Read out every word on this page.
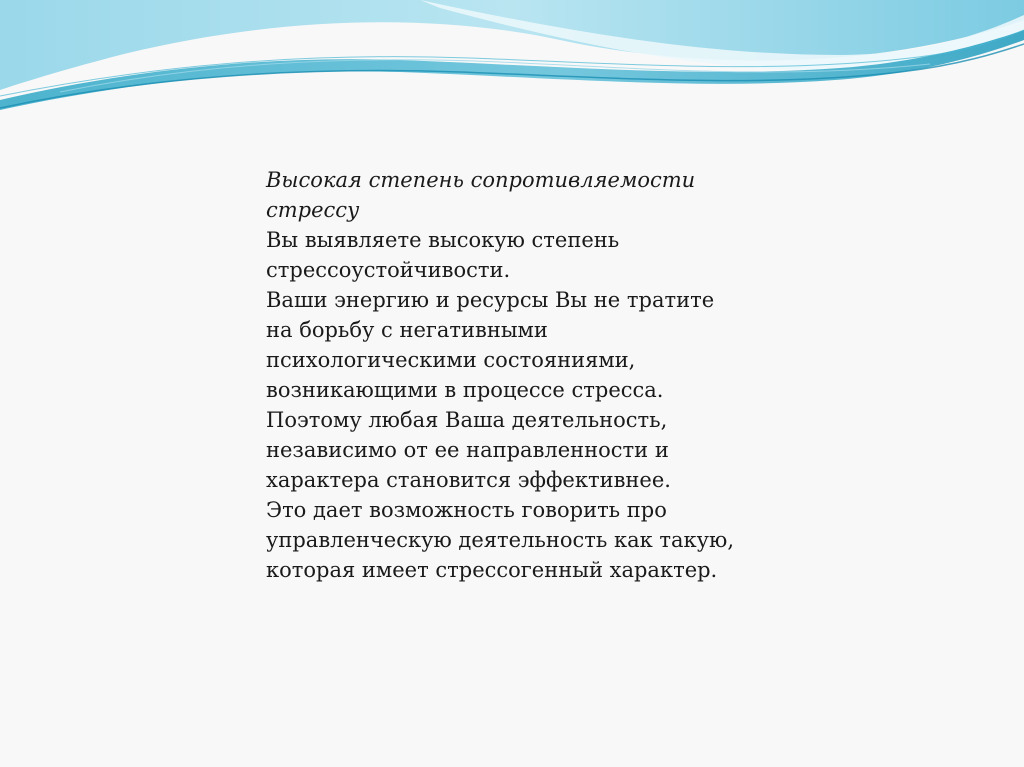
Высокая степень сопротивляемости
стрессу
Вы выявляете высокую степень
стрессоустойчивости.
Ваши энергию и ресурсы Вы не тратите
на борьбу с негативными
психологическими состояниями,
возникающими в процессе стресса.
Поэтому любая Ваша деятельность,
независимо от ее направленности и
характера становится эффективнее.
Это дает возможность говорить про
управленческую деятельность как такую,
которая имеет стрессогенный характер.
